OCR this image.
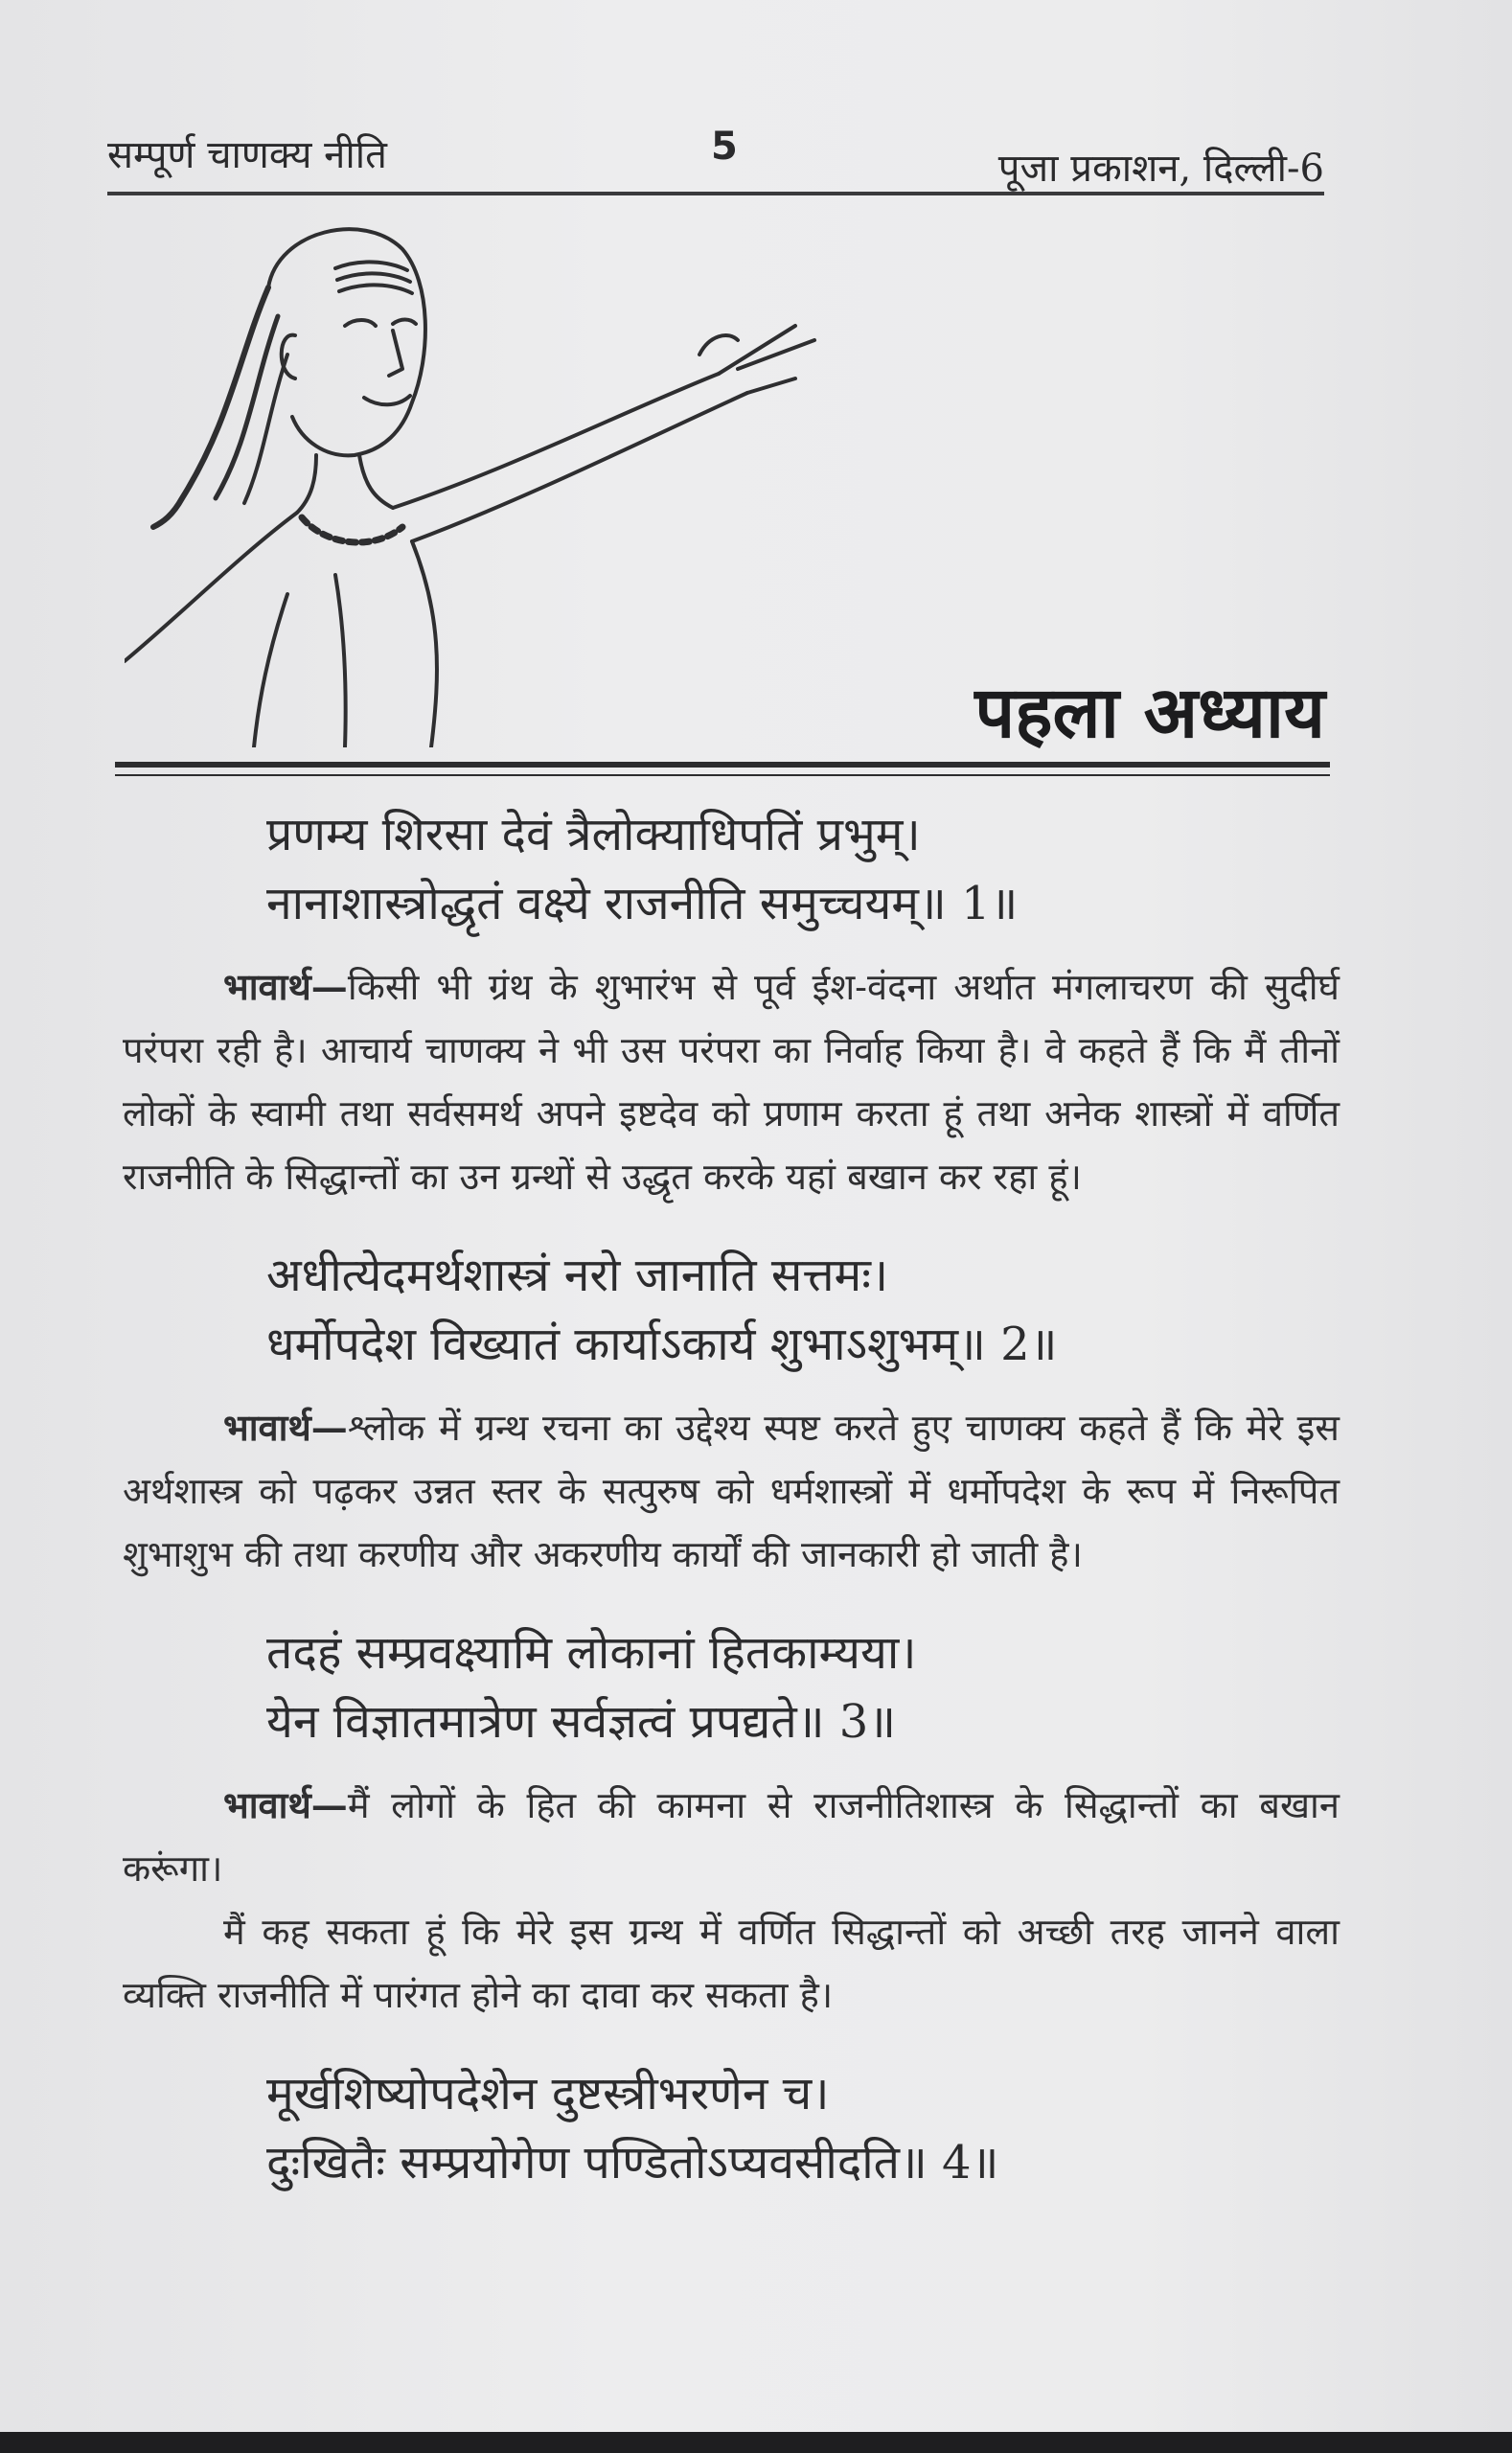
सम्पूर्ण चाणक्य नीति	5	पूजा प्रकाशन, दिल्ली-6
पहला अध्याय
प्रणम्य शिरसा देवं त्रैलोक्याधिपतिं प्रभुम्।
नानाशास्त्रोद्धृतं वक्ष्ये राजनीति समुच्चयम्॥ 1॥

भावार्थ—किसी भी ग्रंथ के शुभारंभ से पूर्व ईश-वंदना अर्थात मंगलाचरण की सुदीर्घ परंपरा रही है। आचार्य चाणक्य ने भी उस परंपरा का निर्वाह किया है। वे कहते हैं कि मैं तीनों लोकों के स्वामी तथा सर्वसमर्थ अपने इष्टदेव को प्रणाम करता हूं तथा अनेक शास्त्रों में वर्णित राजनीति के सिद्धान्तों का उन ग्रन्थों से उद्धृत करके यहां बखान कर रहा हूं।

अधीत्येदमर्थशास्त्रं नरो जानाति सत्तमः।
धर्मोपदेश विख्यातं कार्याऽकार्य शुभाऽशुभम्॥ 2॥

भावार्थ—श्लोक में ग्रन्थ रचना का उद्देश्य स्पष्ट करते हुए चाणक्य कहते हैं कि मेरे इस अर्थशास्त्र को पढ़कर उन्नत स्तर के सत्पुरुष को धर्मशास्त्रों में धर्मोपदेश के रूप में निरूपित शुभाशुभ की तथा करणीय और अकरणीय कार्यों की जानकारी हो जाती है।

तदहं सम्प्रवक्ष्यामि लोकानां हितकाम्यया।
येन विज्ञातमात्रेण सर्वज्ञत्वं प्रपद्यते॥ 3॥

भावार्थ—मैं लोगों के हित की कामना से राजनीतिशास्त्र के सिद्धान्तों का बखान करूंगा।

मैं कह सकता हूं कि मेरे इस ग्रन्थ में वर्णित सिद्धान्तों को अच्छी तरह जानने वाला व्यक्ति राजनीति में पारंगत होने का दावा कर सकता है।

मूर्खशिष्योपदेशेन दुष्टस्त्रीभरणेन च।
दुःखितैः सम्प्रयोगेण पण्डितोऽप्यवसीदति॥ 4॥
